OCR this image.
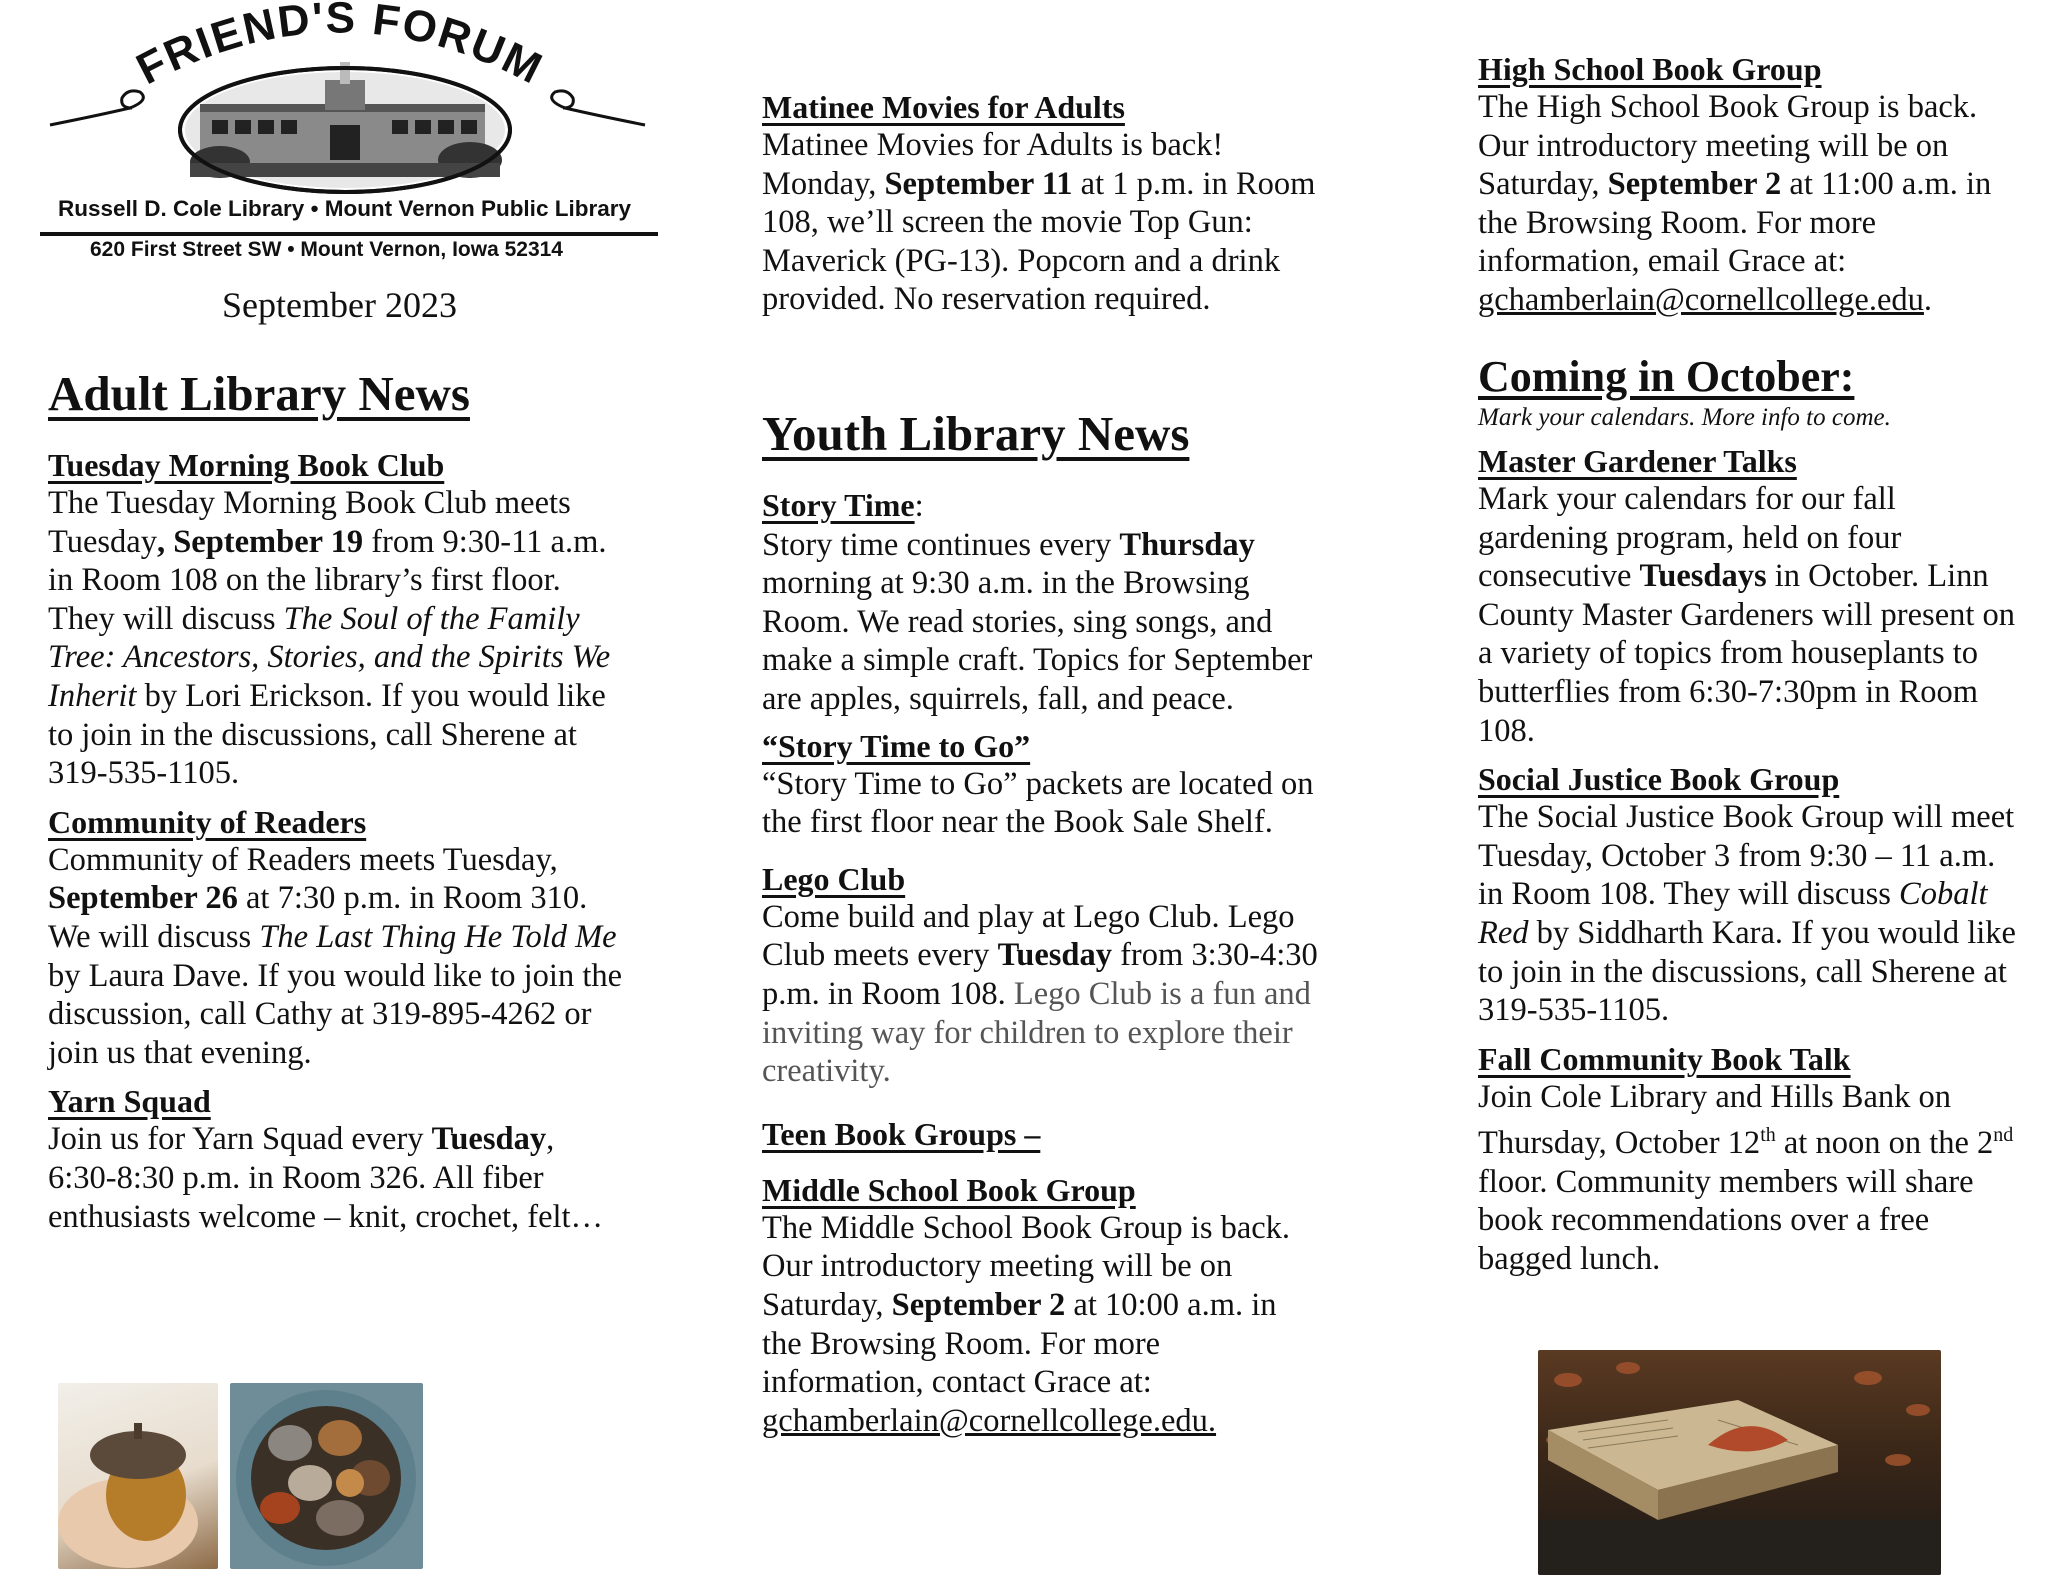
FRIEND'S FORUM
Russell D. Cole Library • Mount Vernon Public Library
620 First Street SW • Mount Vernon, Iowa 52314
September 2023
Adult Library News
Tuesday Morning Book Club

The Tuesday Morning Book Club meets Tuesday, September 19 from 9:30-11 a.m. in Room 108 on the library’s first floor. They will discuss The Soul of the Family Tree: Ancestors, Stories, and the Spirits We Inherit by Lori Erickson. If you would like to join in the discussions, call Sherene at 319-535-1105.

Community of Readers

Community of Readers meets Tuesday, September 26 at 7:30 p.m. in Room 310. We will discuss The Last Thing He Told Me by Laura Dave. If you would like to join the discussion, call Cathy at 319-895-4262 or join us that evening.

Yarn Squad

Join us for Yarn Squad every Tuesday, 6:30-8:30 p.m. in Room 326. All fiber enthusiasts welcome – knit, crochet, felt…

Matinee Movies for Adults

Matinee Movies for Adults is back! Monday, September 11 at 1 p.m. in Room 108, we’ll screen the movie Top Gun: Maverick (PG-13). Popcorn and a drink provided. No reservation required.

Youth Library News
Story Time:

Story time continues every Thursday morning at 9:30 a.m. in the Browsing Room. We read stories, sing songs, and make a simple craft. Topics for September are apples, squirrels, fall, and peace.

“Story Time to Go”

“Story Time to Go” packets are located on the first floor near the Book Sale Shelf.

Lego Club

Come build and play at Lego Club. Lego Club meets every Tuesday from 3:30-4:30 p.m. in Room 108. Lego Club is a fun and inviting way for children to explore their creativity.

Teen Book Groups –
Middle School Book Group

The Middle School Book Group is back. Our introductory meeting will be on Saturday, September 2 at 10:00 a.m. in the Browsing Room. For more information, contact Grace at: gchamberlain@cornellcollege.edu.

High School Book Group

The High School Book Group is back. Our introductory meeting will be on Saturday, September 2 at 11:00 a.m. in the Browsing Room. For more information, email Grace at: gchamberlain@cornellcollege.edu.

Coming in October:
Mark your calendars. More info to come.
Master Gardener Talks

Mark your calendars for our fall gardening program, held on four consecutive Tuesdays in October. Linn County Master Gardeners will present on a variety of topics from houseplants to butterflies from 6:30-7:30pm in Room 108.

Social Justice Book Group

The Social Justice Book Group will meet Tuesday, October 3 from 9:30 – 11 a.m. in Room 108. They will discuss Cobalt Red by Siddharth Kara. If you would like to join in the discussions, call Sherene at 319-535-1105.

Fall Community Book Talk

Join Cole Library and Hills Bank on Thursday, October 12th at noon on the 2nd floor. Community members will share book recommendations over a free bagged lunch.
